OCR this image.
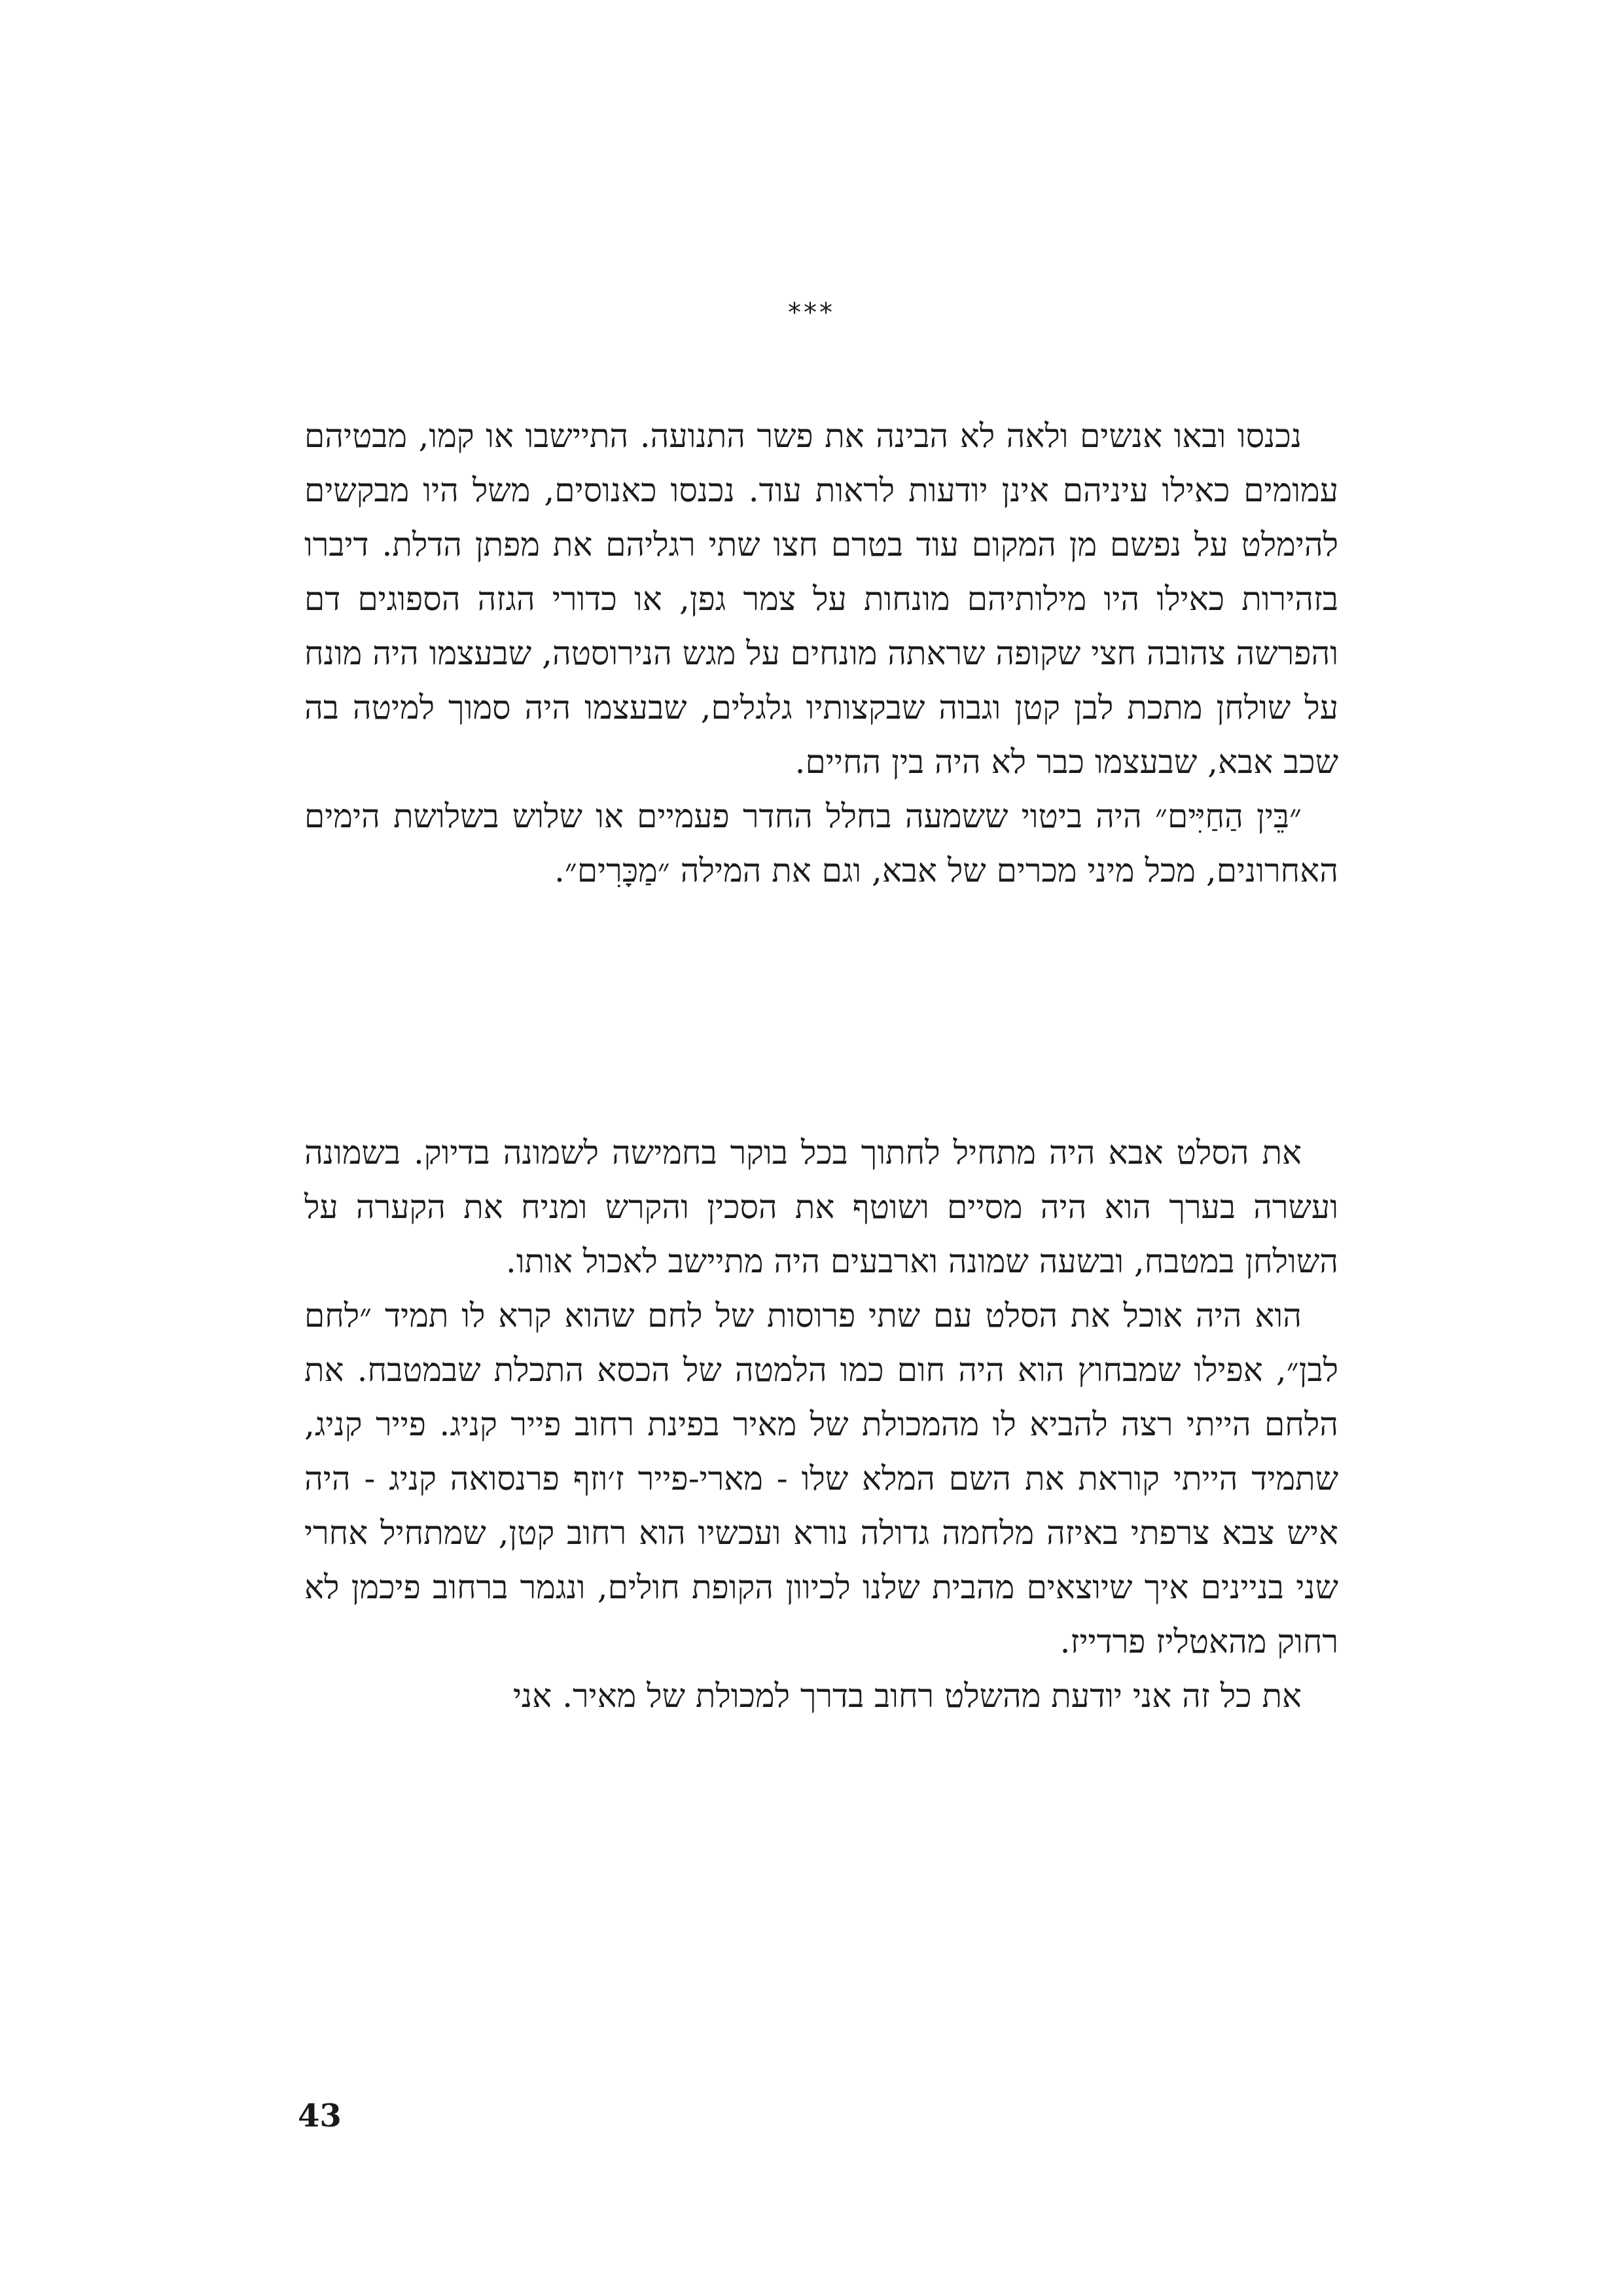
***

נכנסו ובאו אנשים ולאה לא הבינה את פשר התנועה. התיישבו או קמו, מבטיהם עמומים כאילו עיניהם אינן יודעות לראות עוד. נכנסו כאנוסים, משל היו מבקשים להימלט על נפשם מן המקום עוד בטרם חצו שתי רגליהם את מפתן הדלת. דיברו בזהירות כאילו היו מילותיהם מונחות על צמר גפן, או כדורי הגזה הספוגים דם והפרשה צהובה חצי שקופה שראתה מונחים על מגש הנירוסטה, שבעצמו היה מונח על שולחן מתכת לבן קטן וגבוה שבקצותיו גלגלים, שבעצמו היה סמוך למיטה בה שכב אבא, שבעצמו כבר לא היה בין החיים.

״בֵּין הַחַיִּים״ היה ביטוי ששמעה בחלל החדר פעמיים או שלוש בשלושת הימים האחרונים, מכל מיני מכרים של אבא, וגם את המילה ״מַכָּרִים״.

את הסלט אבא היה מתחיל לחתוך בכל בוקר בחמישה לשמונה בדיוק. בשמונה ועשרה בערך הוא היה מסיים ושוטף את הסכין והקרש ומניח את הקערה על השולחן במטבח, ובשעה שמונה וארבעים היה מתיישב לאכול אותו.

הוא היה אוכל את הסלט עם שתי פרוסות של לחם שהוא קרא לו תמיד ״לחם לבן״, אפילו שמבחוץ הוא היה חום כמו הלמטה של הכסא התכלת שבמטבח. את הלחם הייתי רצה להביא לו מהמכולת של מאיר בפינת רחוב פייר קניג. פייר קניג, שתמיד הייתי קוראת את השם המלא שלו - מארי-פייר ז׳וזף פרנסואה קניג - היה איש צבא צרפתי באיזה מלחמה גדולה נורא ועכשיו הוא רחוב קטן, שמתחיל אחרי שני בניינים איך שיוצאים מהבית שלנו לכיוון הקופת חולים, ונגמר ברחוב פיכמן לא רחוק מהאטליז פרדייז.

את כל זה אני יודעת מהשלט רחוב בדרך למכולת של מאיר. אני

43
